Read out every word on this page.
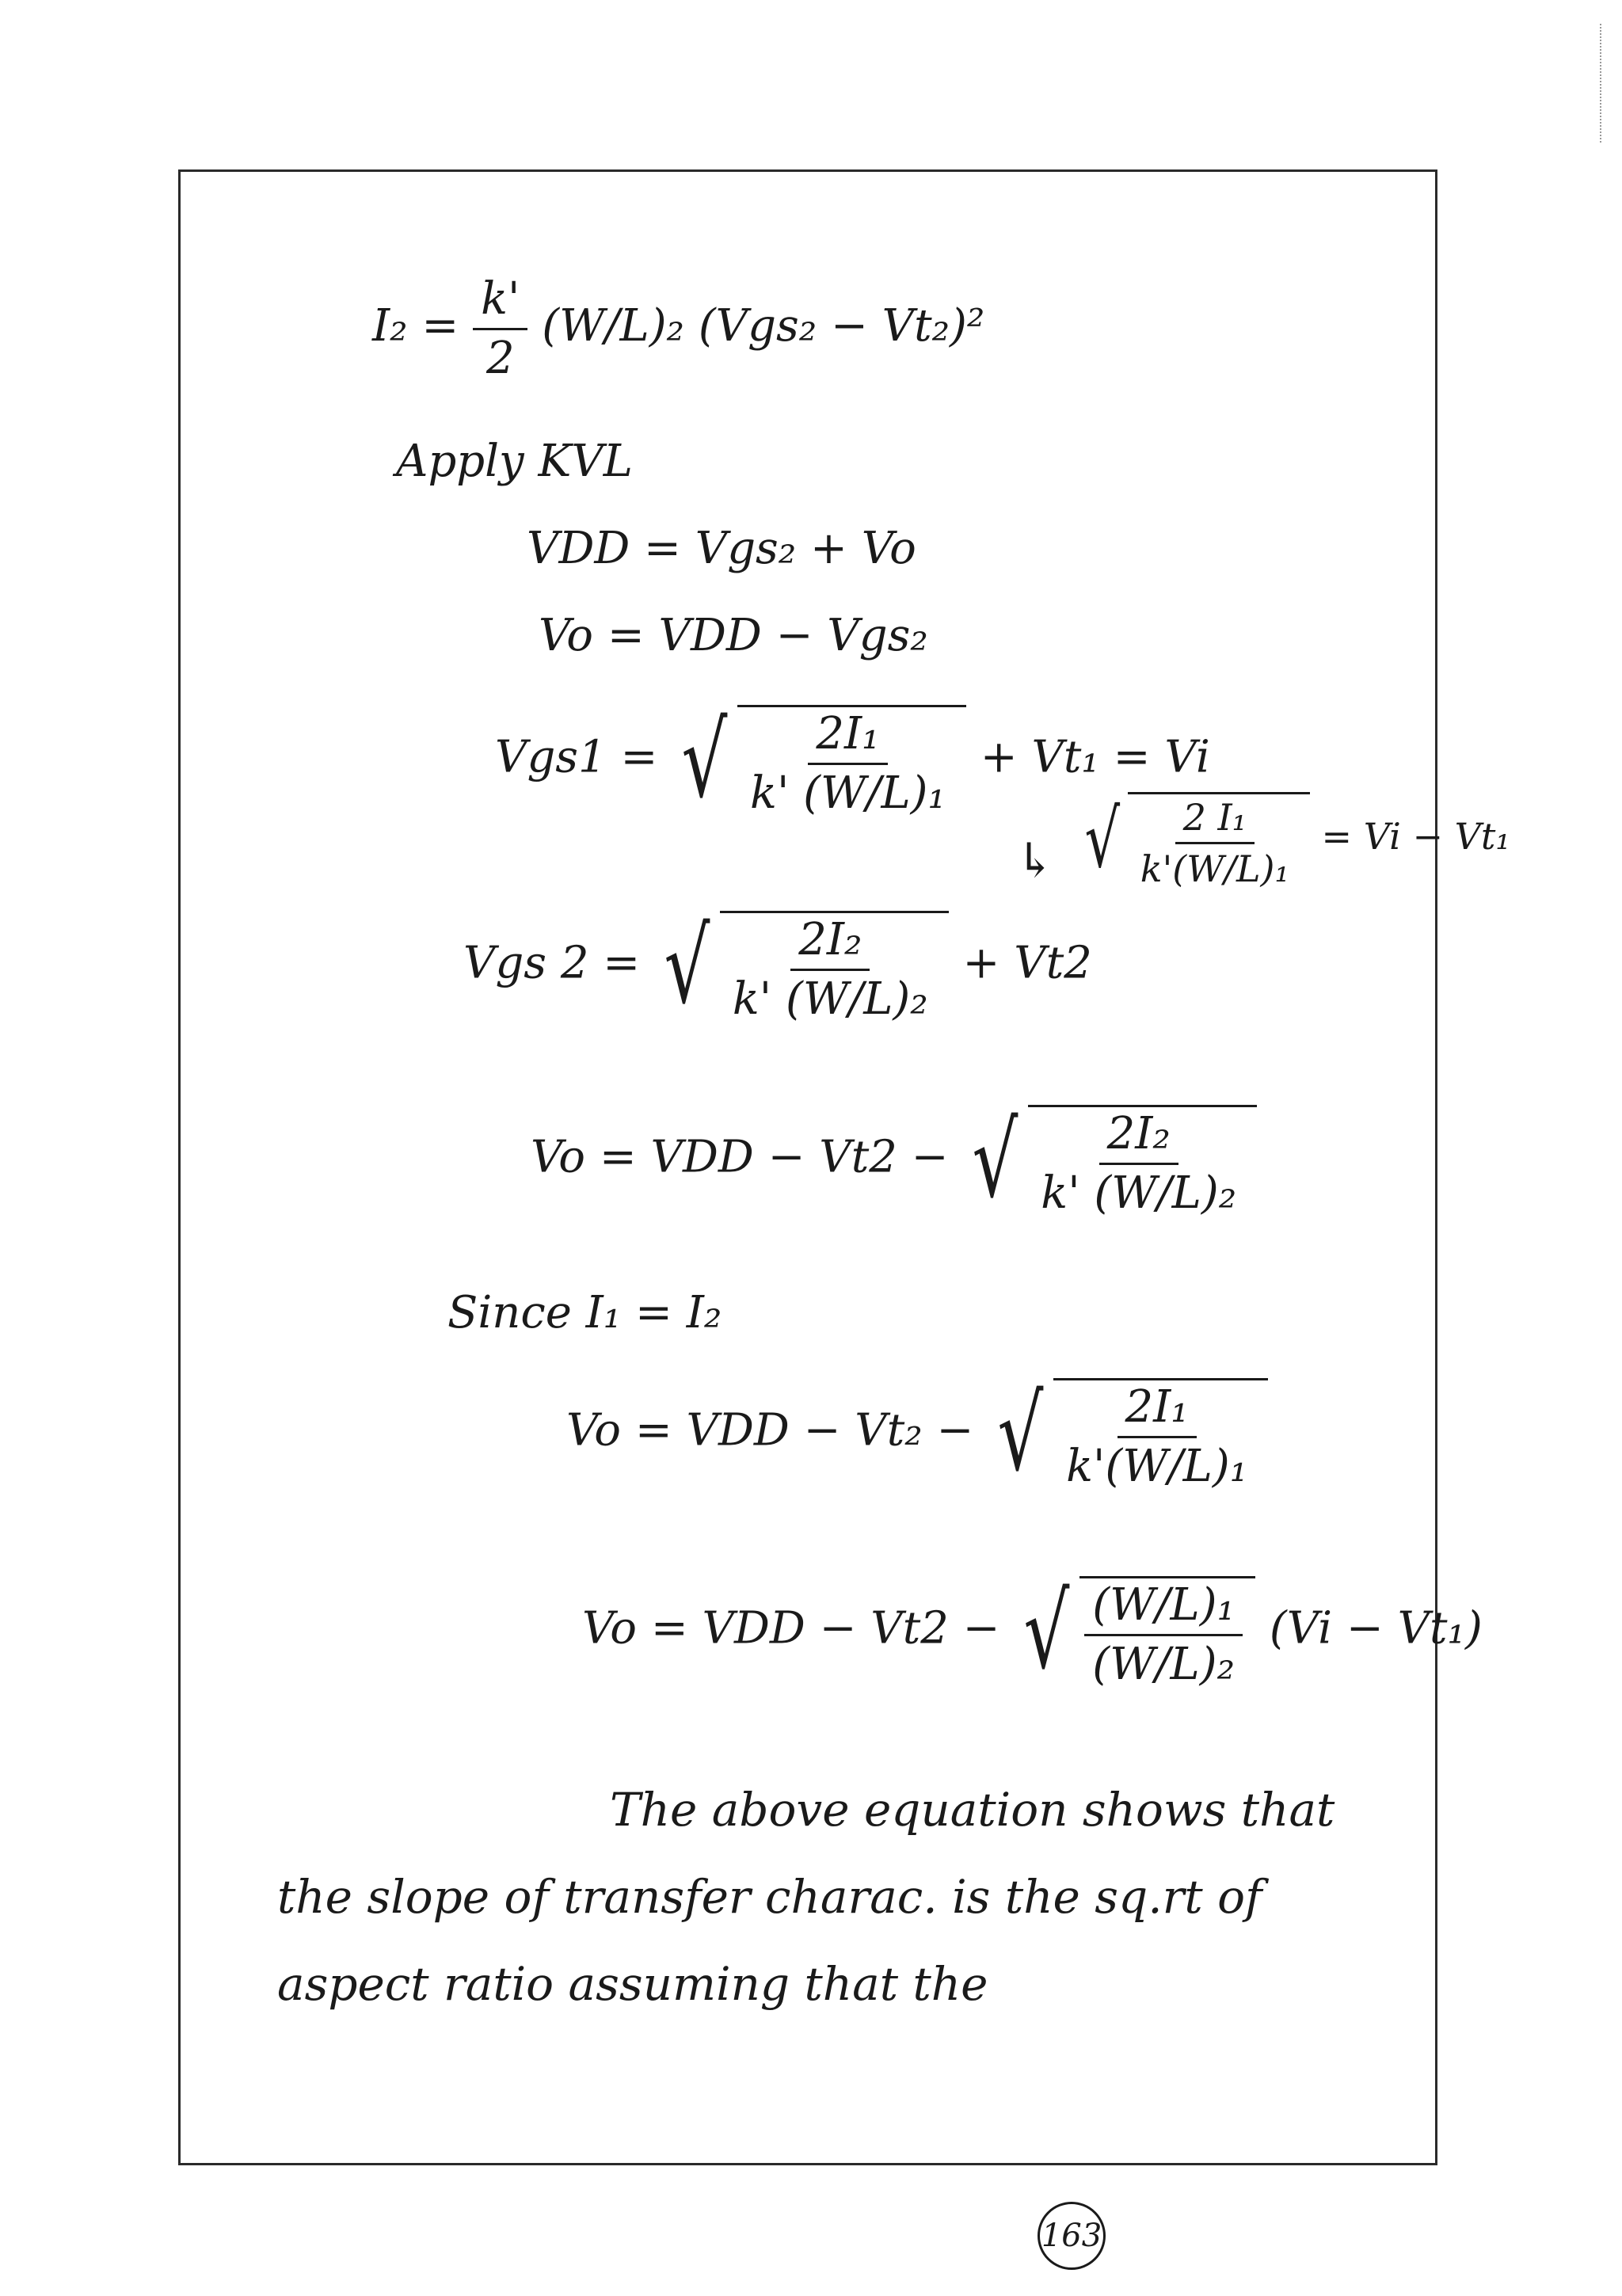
$I_2 = \frac{k'}{2} (W/L)_2$ (Vgs₂ − Vt₂)²
Apply KVL
VDD = Vgs₂ + Vo
Vo = VDD − Vgs₂
Vgs1 = √ $\frac{\text{2I₁}}{\text{k' (W/L)₁}} + Vt_1 = Vi$
↳ √ $\frac{\text{2 I₁}}{\text{k'(W/L)₁}} = Vi - Vt_1$
Vgs 2 = √ $\frac{\text{2I₂}}{\text{k' (W/L)₂}} + Vt2$
Vo = VDD − Vt2 − √ $\frac{\text{2I₂}}{\text{k' (W/L)₂}}$
Since I₁ = I₂
Vo = VDD − Vt₂ − √ $\frac{\text{2I₁}}{\text{k'(W/L)₁}}$
Vo = VDD − Vt2 − √ $\frac{\text{(W/L)₁}}{\text{(W/L)₂}} (Vi - Vt_1)$
The above equation shows that the slope of transfer charac. is the sq.rt of aspect ratio assuming that the
163
